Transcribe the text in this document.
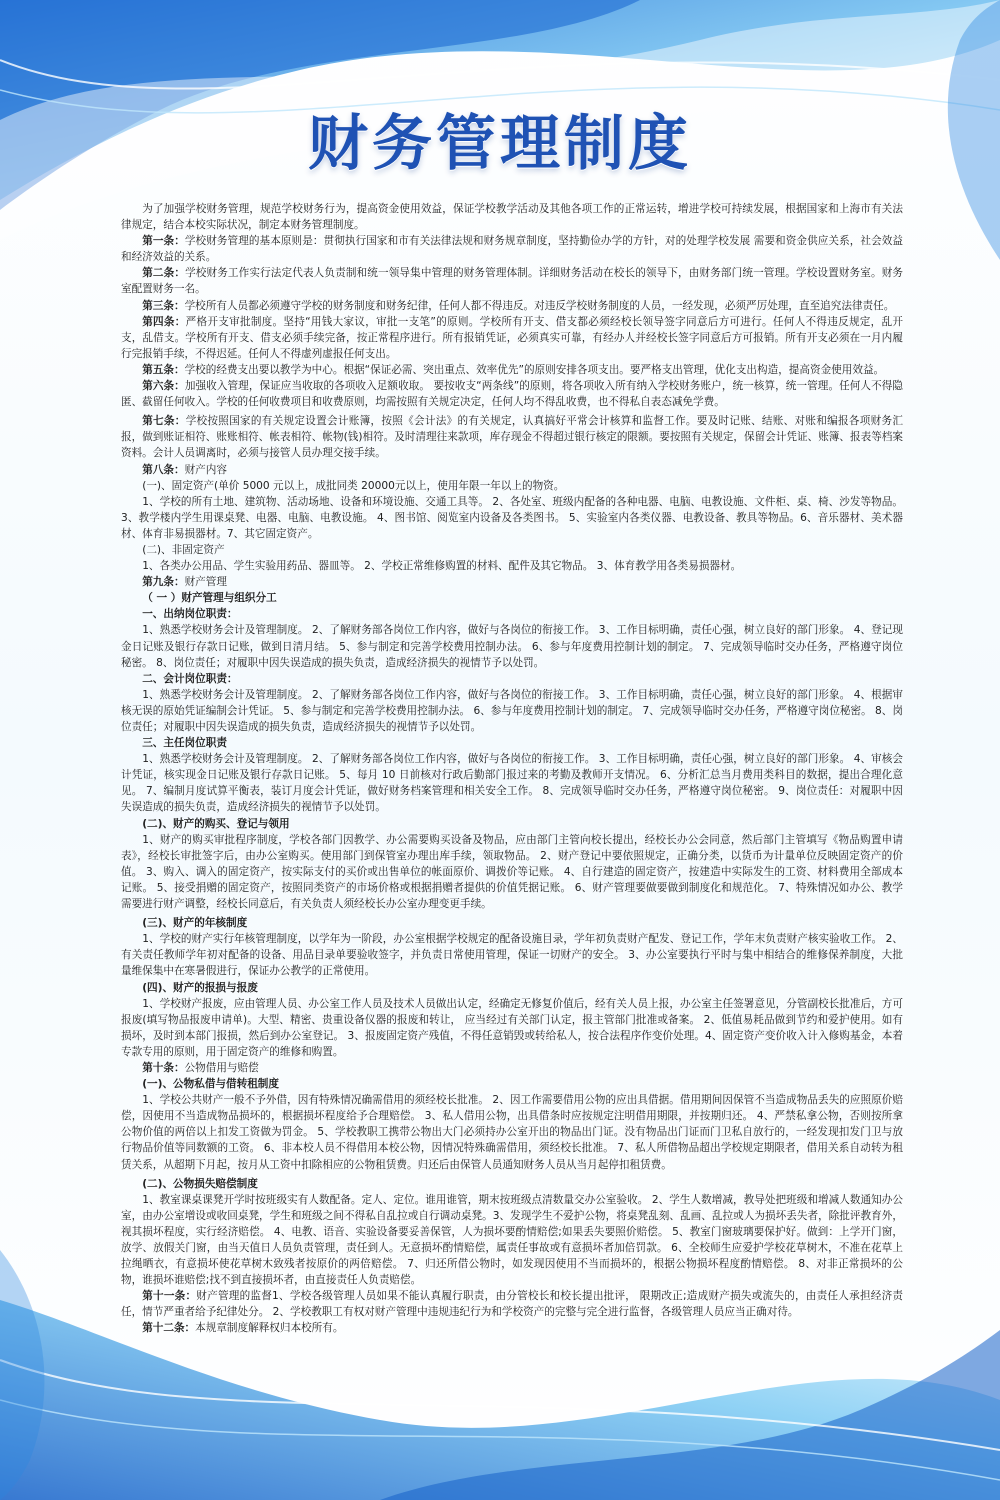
财务管理制度

为了加强学校财务管理，规范学校财务行为，提高资金使用效益，保证学校教学活动及其他各项工作的正常运转，增进学校可持续发展，根据国家和上海市有关法律规定，结合本校实际状况，制定本财务管理制度。

第一条：学校财务管理的基本原则是：贯彻执行国家和市有关法律法规和财务规章制度，坚持勤俭办学的方针，对的处理学校发展 需要和资金供应关系，社会效益和经济效益的关系。

第二条：学校财务工作实行法定代表人负责制和统一领导集中管理的财务管理体制。详细财务活动在校长的领导下，由财务部门统一管理。学校设置财务室。财务室配置财务一名。

第三条：学校所有人员都必须遵守学校的财务制度和财务纪律，任何人都不得违反。对违反学校财务制度的人员，一经发现，必须严厉处理，直至追究法律责任。

第四条：严格开支审批制度。坚持“用钱大家议，审批一支笔”的原则。学校所有开支、借支都必须经校长领导签字同意后方可进行。任何人不得违反规定，乱开支，乱借支。学校所有开支、借支必须手续完备，按正常程序进行。所有报销凭证，必须真实可靠，有经办人并经校长签字同意后方可报销。所有开支必须在一月内履行完报销手续，不得迟延。任何人不得虚列虚报任何支出。

第五条：学校的经费支出要以教学为中心。根据“保证必需、突出重点、效率优先”的原则安排各项支出。要严格支出管理，优化支出构造，提高资金使用效益。

第六条：加强收入管理，保证应当收取的各项收入足额收取。 要按收支“两条线”的原则，将各项收入所有纳入学校财务账户，统一核算，统一管理。任何人不得隐匿、截留任何收入。学校的任何收费项目和收费原则，均需按照有关规定决定，任何人均不得乱收费，也不得私自表态减免学费。

第七条：学校按照国家的有关规定设置会计账簿，按照《会计法》的有关规定，认真搞好平常会计核算和监督工作。要及时记账、结账、对账和编报各项财务汇报，做到账证相符、账账相符、帐表相符、帐物(钱)相符。及时清理往来款项，库存现金不得超过银行核定的限额。要按照有关规定，保留会计凭证、账簿、报表等档案资料。会计人员调离时，必须与接管人员办理交接手续。

第八条：财产内容

(一)、固定资产(单价 5000 元以上，成批同类 20000元以上，使用年限一年以上的物资。

1、学校的所有土地、建筑物、活动场地、设备和环境设施、交通工具等。 2、各处室、班级内配备的各种电器、电脑、电教设施、文件柜、桌、椅、沙发等物品。 3、教学楼内学生用课桌凳、电器、电脑、电教设施。 4、图书馆、阅览室内设备及各类图书。 5、实验室内各类仪器、电教设备、教具等物品。6、音乐器材、美术器材、体育非易损器材。7、其它固定资产。

(二)、非固定资产

1、各类办公用品、学生实验用药品、器皿等。 2、学校正常维修购置的材料、配件及其它物品。 3、体育教学用各类易损器材。

第九条：财产管理

（ 一 ）财产管理与组织分工

一、出纳岗位职责：

1、熟悉学校财务会计及管理制度。 2、了解财务部各岗位工作内容，做好与各岗位的衔接工作。 3、工作目标明确，责任心强，树立良好的部门形象。 4、登记现金日记账及银行存款日记账，做到日清月结。 5、参与制定和完善学校费用控制办法。 6、参与年度费用控制计划的制定。 7、完成领导临时交办任务，严格遵守岗位秘密。 8、岗位责任；对履职中因失误造成的损失负责，造成经济损失的视情节予以处罚。

二、会计岗位职责：

1、熟悉学校财务会计及管理制度。 2、了解财务部各岗位工作内容，做好与各岗位的衔接工作。 3、工作目标明确，责任心强，树立良好的部门形象。 4、根据审核无误的原始凭证编制会计凭证。 5、参与制定和完善学校费用控制办法。 6、参与年度费用控制计划的制定。 7、完成领导临时交办任务，严格遵守岗位秘密。 8、岗位责任；对履职中因失误造成的损失负责，造成经济损失的视情节予以处罚。

三、主任岗位职责

1、熟悉学校财务会计及管理制度。 2、了解财务部各岗位工作内容，做好与各岗位的衔接工作。 3、工作目标明确，责任心强，树立良好的部门形象。 4、审核会计凭证，核实现金日记账及银行存款日记账。 5、每月 10 日前核对行政后勤部门报过来的考勤及教师开支情况。 6、分析汇总当月费用类科目的数据，提出合理化意见。 7、编制月度试算平衡表，装订月度会计凭证，做好财务档案管理和相关安全工作。 8、完成领导临时交办任务，严格遵守岗位秘密。 9、岗位责任：对履职中因失误造成的损失负责，造成经济损失的视情节予以处罚。

(二)、财产的购买、登记与领用

1、财产的购买审批程序制度，学校各部门因教学、办公需要购买设备及物品，应由部门主管向校长提出，经校长办公会同意，然后部门主管填写《物品购置申请表》，经校长审批签字后，由办公室购买。使用部门到保管室办理出库手续，领取物品。 2、财产登记中要依照规定，正确分类，以货币为计量单位反映固定资产的价值。 3、购入、调入的固定资产，按实际支付的买价或出售单位的帐面原价、调拨价等记账。 4、自行建造的固定资产，按建造中实际发生的工资、材料费用全部成本记账。 5、接受捐赠的固定资产，按照同类资产的市场价格或根据捐赠者提供的价值凭据记账。 6、财产管理要做要做到制度化和规范化。 7、特殊情况如办公、教学需要进行财产调整，经校长同意后，有关负责人须经校长办公室办理变更手续。

(三)、财产的年核制度

1、学校的财产实行年核管理制度，以学年为一阶段，办公室根据学校规定的配备设施目录，学年初负责财产配发、登记工作，学年末负责财产核实验收工作。 2、有关责任教师学年初对配备的设备、用品目录单要验收签字，并负责日常使用管理，保证一切财产的安全。 3、办公室要执行平时与集中相结合的维修保养制度，大批量维保集中在寒暑假进行，保证办公教学的正常使用。

(四)、财产的报损与报废

1、学校财产报废，应由管理人员、办公室工作人员及技术人员做出认定，经确定无修复价值后，经有关人员上报，办公室主任签署意见，分管副校长批准后，方可报废(填写物品报废申请单)。大型、精密、贵重设备仪器的报废和转让， 应当经过有关部门认定，报主管部门批准或备案。 2、低值易耗品做到节约和爱护使用。如有损坏，及时到本部门报损，然后到办公室登记。 3、报废固定资产残值，不得任意销毁或转给私人，按合法程序作变价处理。4、固定资产变价收入计入修购基金，本着专款专用的原则，用于固定资产的维修和购置。

第十条：公物借用与赔偿

(一)、公物私借与借转租制度

1、学校公共财产一般不予外借，因有特殊情况确需借用的须经校长批准。 2、因工作需要借用公物的应出具借据。借用期间因保管不当造成物品丢失的应照原价赔偿，因使用不当造成物品损坏的，根据损坏程度给予合理赔偿。 3、私人借用公物，出具借条时应按规定注明借用期限，并按期归还。 4、严禁私拿公物，否则按所拿公物价值的两倍以上扣发工资做为罚金。 5、学校教职工携带公物出大门必须持办公室开出的物品出门证。没有物品出门证而门卫私自放行的，一经发现扣发门卫与放行物品价值等同数额的工资。 6、非本校人员不得借用本校公物，因情况特殊确需借用，须经校长批准。 7、私人所借物品超出学校规定期限者，借用关系自动转为租赁关系，从超期下月起，按月从工资中扣除相应的公物租赁费。归还后由保管人员通知财务人员从当月起停扣租赁费。

(二)、公物损失赔偿制度

1、教室课桌课凳开学时按班级实有人数配备。定人、定位。谁用谁管，期末按班级点清数量交办公室验收。 2、学生人数增减，教导处把班级和增减人数通知办公室，由办公室增设或收回桌凳，学生和班级之间不得私自乱拉或自行调动桌凳。3、发现学生不爱护公物，将桌凳乱刻、乱画、乱拉或人为损坏丢失者，除批评教育外，视其损坏程度，实行经济赔偿。 4、电教、语音、实验设备要妥善保管，人为损坏要酌情赔偿;如果丢失要照价赔偿。 5、教室门窗玻璃要保护好。做到：上学开门窗，放学、放假关门窗，由当天值日人员负责管理，责任到人。无意损坏酌情赔偿，属责任事故或有意损坏者加倍罚款。 6、全校师生应爱护学校花草树木，不准在花草上拉绳晒衣，有意损坏使花草树木致残者按原价的两倍赔偿。 7、归还所借公物时，如发现因使用不当而损坏的，根据公物损坏程度酌情赔偿。 8、对非正常损坏的公物，谁损坏谁赔偿;找不到直接损坏者，由直接责任人负责赔偿。

第十一条：财产管理的监督1、学校各级管理人员如果不能认真履行职责，由分管校长和校长提出批评， 限期改正;造成财产损失或流失的，由责任人承担经济责任，情节严重者给予纪律处分。 2、学校教职工有权对财产管理中违规违纪行为和学校资产的完整与完全进行监督，各级管理人员应当正确对待。

第十二条：本规章制度解释权归本校所有。
